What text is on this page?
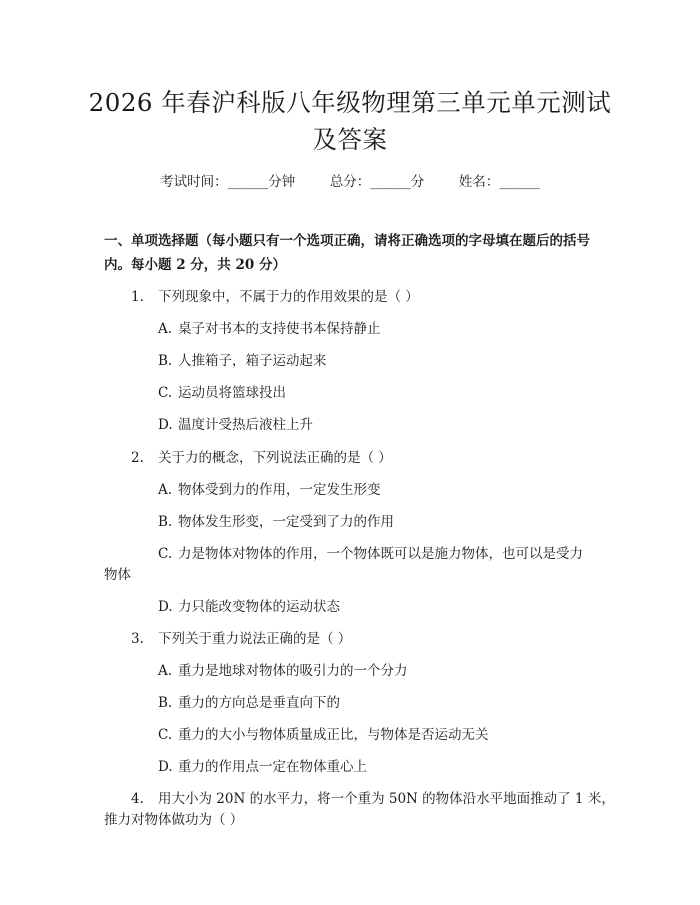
2026 年春沪科版八年级物理第三单元单元测试及答案
考试时间：______分钟	总分：______分	姓名：______
一、单项选择题（每小题只有一个选项正确，请将正确选项的字母填在题后的括号内。每小题 2 分，共 20 分）
1. 下列现象中，不属于力的作用效果的是（ ）
A. 桌子对书本的支持使书本保持静止
B. 人推箱子，箱子运动起来
C. 运动员将篮球投出
D. 温度计受热后液柱上升
2. 关于力的概念，下列说法正确的是（ ）
A. 物体受到力的作用，一定发生形变
B. 物体发生形变，一定受到了力的作用
C. 力是物体对物体的作用，一个物体既可以是施力物体，也可以是受力
物体
D. 力只能改变物体的运动状态
3. 下列关于重力说法正确的是（ ）
A. 重力是地球对物体的吸引力的一个分力
B. 重力的方向总是垂直向下的
C. 重力的大小与物体质量成正比，与物体是否运动无关
D. 重力的作用点一定在物体重心上
4. 用大小为 20N 的水平力，将一个重为 50N 的物体沿水平地面推动了 1 米，
推力对物体做功为（ ）
